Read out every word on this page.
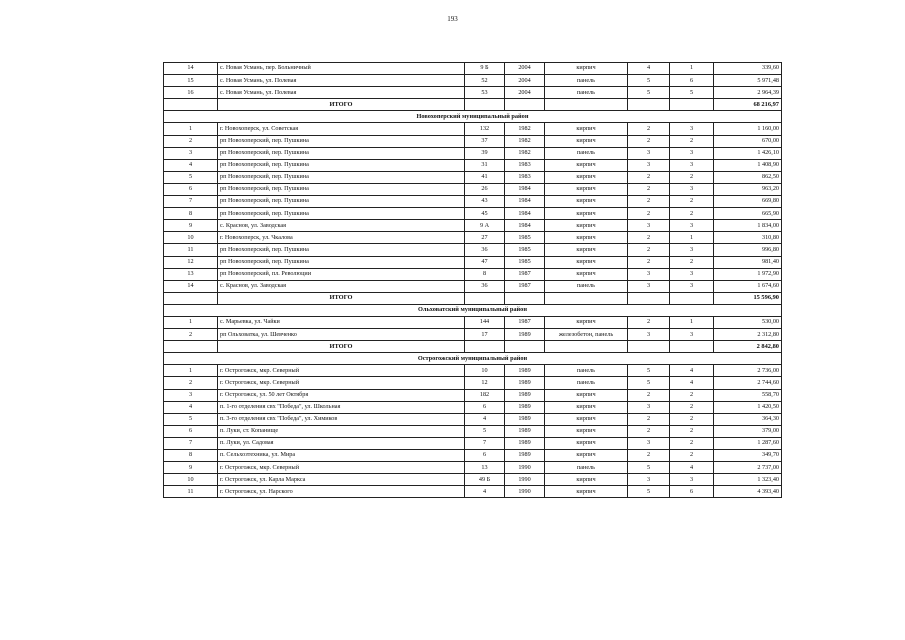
193
14	с. Новая Усмань, пер. Больничный	9 Б	2004	кирпич	4	1	339,60
15	с. Новая Усмань, ул. Полевая	52	2004	панель	5	6	5 971,48
16	с. Новая Усмань, ул. Полевая	53	2004	панель	5	5	2 964,39
	ИТОГО						68 216,97
Новохоперский муниципальный район							
1	г. Новохоперск, ул. Советская	132	1982	кирпич	2	3	1 160,00
2	рп Новохоперский, пер. Пушкина	37	1982	кирпич	2	2	670,00
3	рп Новохоперский, пер. Пушкина	39	1982	панель	3	3	1 426,10
4	рп Новохоперский, пер. Пушкина	31	1983	кирпич	3	3	1 408,90
5	рп Новохоперский, пер. Пушкина	41	1983	кирпич	2	2	862,50
6	рп Новохоперский, пер. Пушкина	26	1984	кирпич	2	3	963,20
7	рп Новохоперский, пер. Пушкина	43	1984	кирпич	2	2	669,80
8	рп Новохоперский, пер. Пушкина	45	1984	кирпич	2	2	665,90
9	с. Краснов, ул. Заводская	9 А	1984	кирпич	3	3	1 834,00
10	г. Новохоперск, ул. Чкалова	27	1985	кирпич	2	1	310,80
11	рп Новохоперский, пер. Пушкина	36	1985	кирпич	2	3	996,80
12	рп Новохоперский, пер. Пушкина	47	1985	кирпич	2	2	981,40
13	рп Новохоперский, пл. Революции	8	1987	кирпич	3	3	1 972,90
14	с. Краснов, ул. Заводская	36	1987	панель	3	3	1 674,60
	ИТОГО						15 596,90
Ольховатский муниципальный район							
1	с. Марьевка, ул. Чайки	144	1987	кирпич	2	1	530,00
2	рп Ольховатка, ул. Шевченко	17	1989	железобетон, панель	3	3	2 312,80
	ИТОГО						2 842,80
Острогожский муниципальный район							
1	г. Острогожск, мкр. Северный	10	1989	панель	5	4	2 736,00
2	г. Острогожск, мкр. Северный	12	1989	панель	5	4	2 744,60
3	г. Острогожск, ул. 50 лет Октября	182	1989	кирпич	2	2	558,70
4	п. 1-го отделения свх "Победа", ул. Школьная	6	1989	кирпич	3	2	1 420,50
5	п. 3-го отделения свх "Победа", ул. Химиков	4	1989	кирпич	2	2	364,30
6	п. Луки, ст. Копанище	5	1989	кирпич	2	2	379,00
7	п. Луки, ул. Садовая	7	1989	кирпич	3	2	1 287,60
8	п. Сельхозтехника, ул. Мира	6	1989	кирпич	2	2	349,70
9	г. Острогожск, мкр. Северный	13	1990	панель	5	4	2 737,00
10	г. Острогожск, ул. Карла Маркса	49 Б	1990	кирпич	3	3	1 323,40
11	г. Острогожск, ул. Нарского	4	1990	кирпич	5	6	4 393,40
